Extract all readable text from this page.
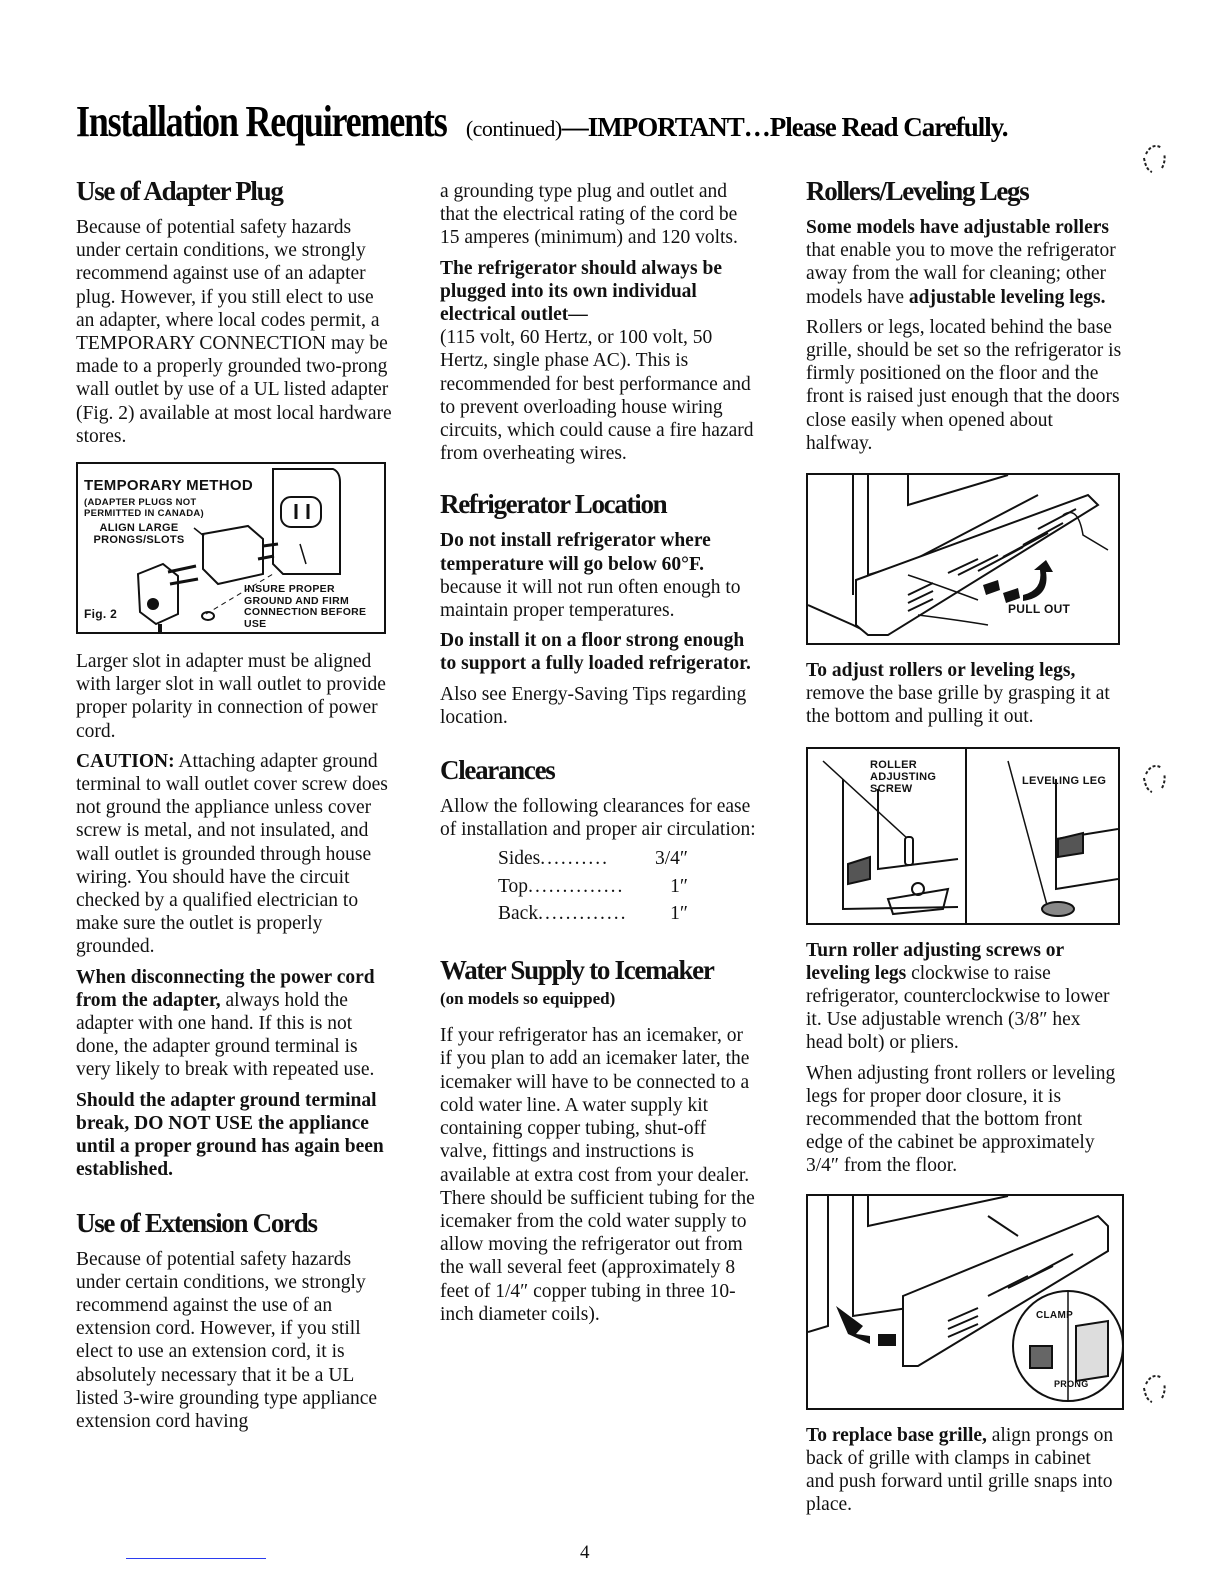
Installation Requirements (continued)—IMPORTANT…Please Read Carefully.
Use of Adapter Plug

Because of potential safety hazards under certain conditions, we strongly recommend against use of an adapter plug. However, if you still elect to use an adapter, where local codes permit, a TEMPORARY CONNECTION may be made to a properly grounded two-prong wall outlet by use of a UL listed adapter (Fig. 2) available at most local hardware stores.

TEMPORARY METHOD
(ADAPTER PLUGS NOT PERMITTED IN CANADA)
ALIGN LARGE PRONGS/SLOTS
INSURE PROPER GROUND AND FIRM CONNECTION BEFORE USE
Fig. 2

Larger slot in adapter must be aligned with larger slot in wall outlet to provide proper polarity in connection of power cord.

CAUTION: Attaching adapter ground terminal to wall outlet cover screw does not ground the appliance unless cover screw is metal, and not insulated, and wall outlet is grounded through house wiring. You should have the circuit checked by a qualified electrician to make sure the outlet is properly grounded.

When disconnecting the power cord from the adapter, always hold the adapter with one hand. If this is not done, the adapter ground terminal is very likely to break with repeated use.

Should the adapter ground terminal break, DO NOT USE the appliance until a proper ground has again been established.

Use of Extension Cords

Because of potential safety hazards under certain conditions, we strongly recommend against the use of an extension cord. However, if you still elect to use an extension cord, it is absolutely necessary that it be a UL listed 3-wire grounding type appliance extension cord having

a grounding type plug and outlet and that the electrical rating of the cord be 15 amperes (minimum) and 120 volts.

The refrigerator should always be plugged into its own individual electrical outlet—
(115 volt, 60 Hertz, or 100 volt, 50 Hertz, single phase AC). This is recommended for best performance and to prevent overloading house wiring circuits, which could cause a fire hazard from overheating wires.

Refrigerator Location

Do not install refrigerator where temperature will go below 60°F. because it will not run often enough to maintain proper temperatures.

Do install it on a floor strong enough to support a fully loaded refrigerator.

Also see Energy-Saving Tips regarding location.

Clearances

Allow the following clearances for ease of installation and proper air circulation:

Sides ..........	3/4″
Top ..............	1″
Back .............	1″
Water Supply to Icemaker
(on models so equipped)

If your refrigerator has an icemaker, or if you plan to add an icemaker later, the icemaker will have to be connected to a cold water line. A water supply kit containing copper tubing, shut-off valve, fittings and instructions is available at extra cost from your dealer. There should be sufficient tubing for the icemaker from the cold water supply to allow moving the refrigerator out from the wall several feet (approximately 8 feet of 1/4″ copper tubing in three 10-inch diameter coils).

Rollers/Leveling Legs

Some models have adjustable rollers that enable you to move the refrigerator away from the wall for cleaning; other models have adjustable leveling legs.

Rollers or legs, located behind the base grille, should be set so the refrigerator is firmly positioned on the floor and the front is raised just enough that the doors close easily when opened about halfway.

PULL OUT

To adjust rollers or leveling legs, remove the base grille by grasping it at the bottom and pulling it out.

ROLLER ADJUSTING SCREW
LEVELING LEG

Turn roller adjusting screws or leveling legs clockwise to raise refrigerator, counterclockwise to lower it. Use adjustable wrench (3/8″ hex head bolt) or pliers.

When adjusting front rollers or leveling legs for proper door closure, it is recommended that the bottom front edge of the cabinet be approximately 3/4″ from the floor.

CLAMP
PRONG

To replace base grille, align prongs on back of grille with clamps in cabinet and push forward until grille snaps into place.

4
